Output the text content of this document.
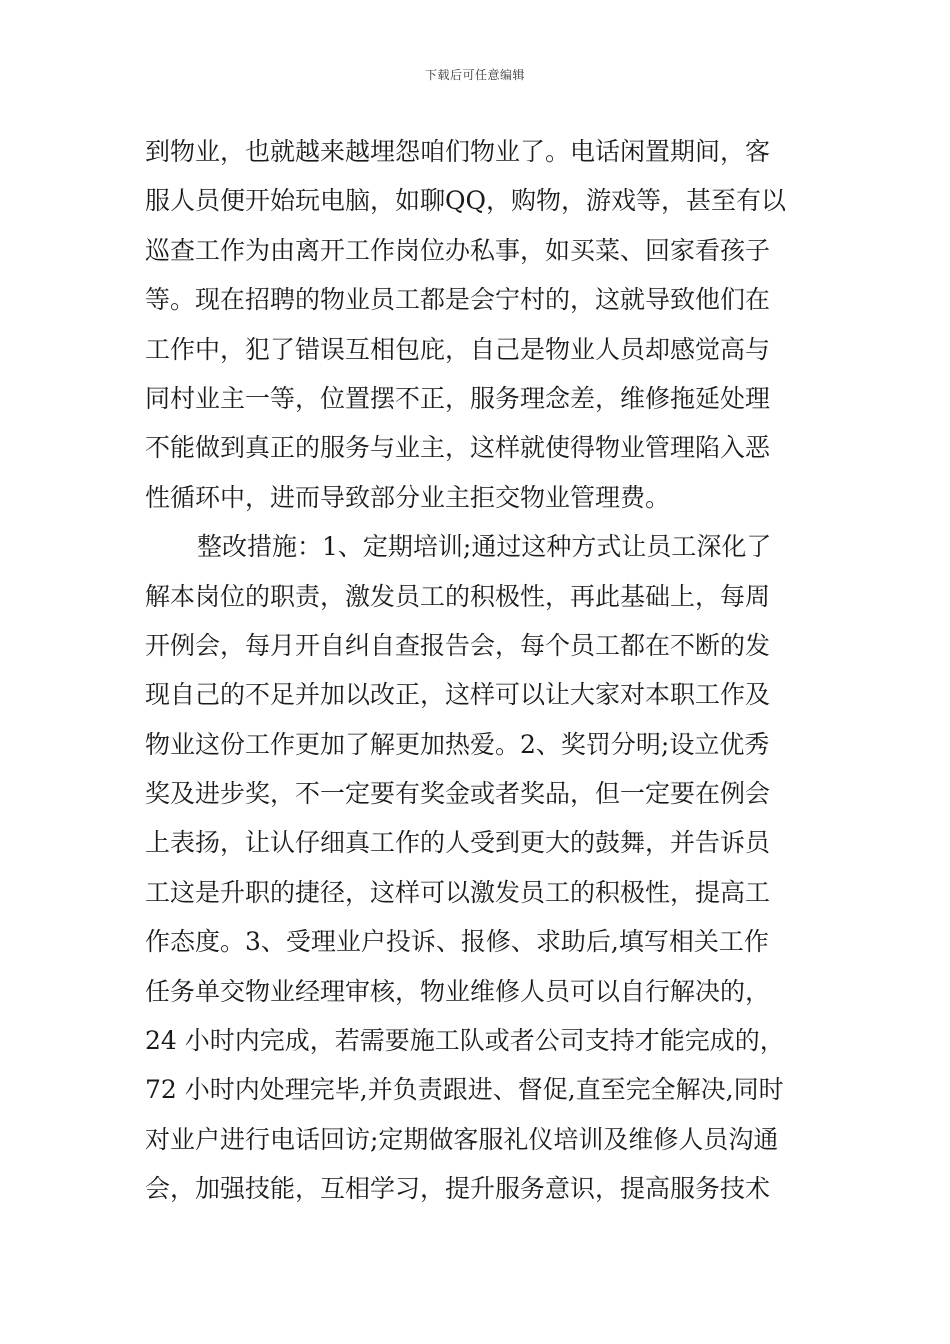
下载后可任意编辑
到物业，也就越来越埋怨咱们物业了。电话闲置期间，客
服人员便开始玩电脑，如聊QQ，购物，游戏等，甚至有以
巡查工作为由离开工作岗位办私事，如买菜、回家看孩子
等。现在招聘的物业员工都是会宁村的，这就导致他们在
工作中，犯了错误互相包庇，自己是物业人员却感觉高与
同村业主一等，位置摆不正，服务理念差，维修拖延处理
不能做到真正的服务与业主，这样就使得物业管理陷入恶
性循环中，进而导致部分业主拒交物业管理费。
整改措施：1、定期培训;通过这种方式让员工深化了
解本岗位的职责，激发员工的积极性，再此基础上，每周
开例会，每月开自纠自查报告会，每个员工都在不断的发
现自己的不足并加以改正，这样可以让大家对本职工作及
物业这份工作更加了解更加热爱。2、奖罚分明;设立优秀
奖及进步奖，不一定要有奖金或者奖品，但一定要在例会
上表扬，让认仔细真工作的人受到更大的鼓舞，并告诉员
工这是升职的捷径，这样可以激发员工的积极性，提高工
作态度。3、受理业户投诉、报修、求助后,填写相关工作
任务单交物业经理审核，物业维修人员可以自行解决的，
24 小时内完成，若需要施工队或者公司支持才能完成的，
72 小时内处理完毕,并负责跟进、督促,直至完全解决,同时
对业户进行电话回访;定期做客服礼仪培训及维修人员沟通
会，加强技能，互相学习，提升服务意识，提高服务技术
